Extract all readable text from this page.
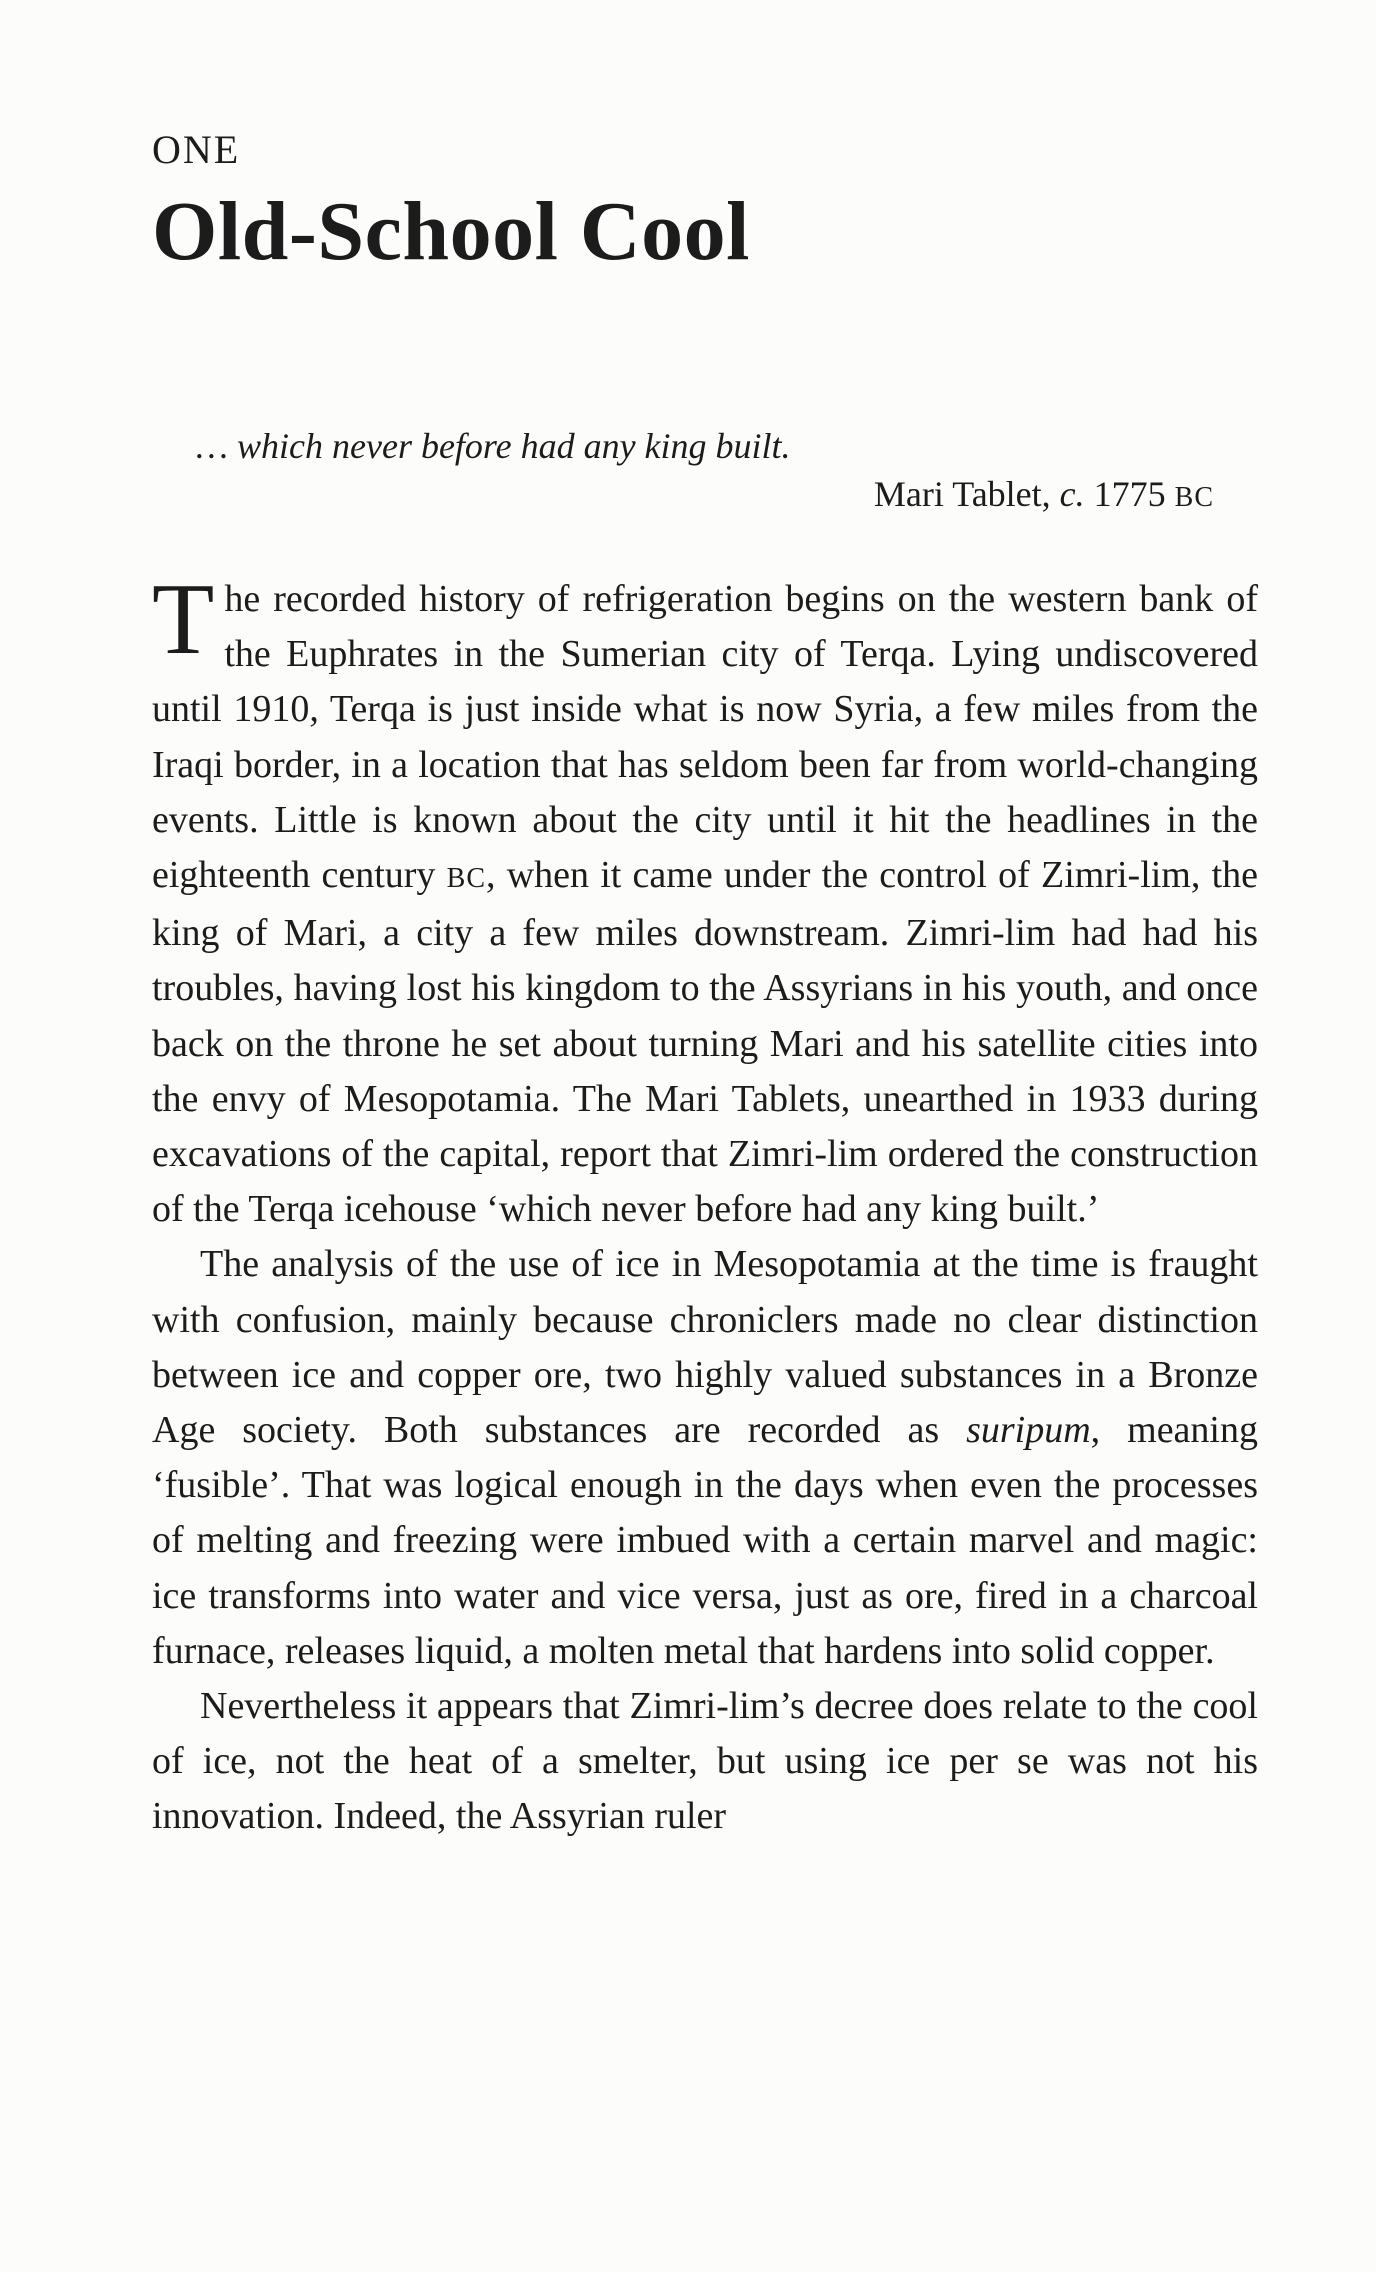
ONE

Old-School Cool
… which never before had any king built.
Mari Tablet, c. 1775 BC

The recorded history of refrigeration begins on the western bank of the Euphrates in the Sumerian city of Terqa. Lying undiscovered until 1910, Terqa is just inside what is now Syria, a few miles from the Iraqi border, in a location that has seldom been far from world-changing events. Little is known about the city until it hit the headlines in the eighteenth century BC, when it came under the control of Zimri-lim, the king of Mari, a city a few miles downstream. Zimri-lim had had his troubles, having lost his kingdom to the Assyrians in his youth, and once back on the throne he set about turning Mari and his satellite cities into the envy of Mesopotamia. The Mari Tablets, unearthed in 1933 during excavations of the capital, report that Zimri-lim ordered the construction of the Terqa icehouse ‘which never before had any king built.’

The analysis of the use of ice in Mesopotamia at the time is fraught with confusion, mainly because chroniclers made no clear distinction between ice and copper ore, two highly valued substances in a Bronze Age society. Both substances are recorded as suripum, meaning ‘fusible’. That was logical enough in the days when even the processes of melting and freezing were imbued with a certain marvel and magic: ice transforms into water and vice versa, just as ore, fired in a charcoal furnace, releases liquid, a molten metal that hardens into solid copper.

Nevertheless it appears that Zimri-lim’s decree does relate to the cool of ice, not the heat of a smelter, but using ice per se was not his innovation. Indeed, the Assyrian ruler
